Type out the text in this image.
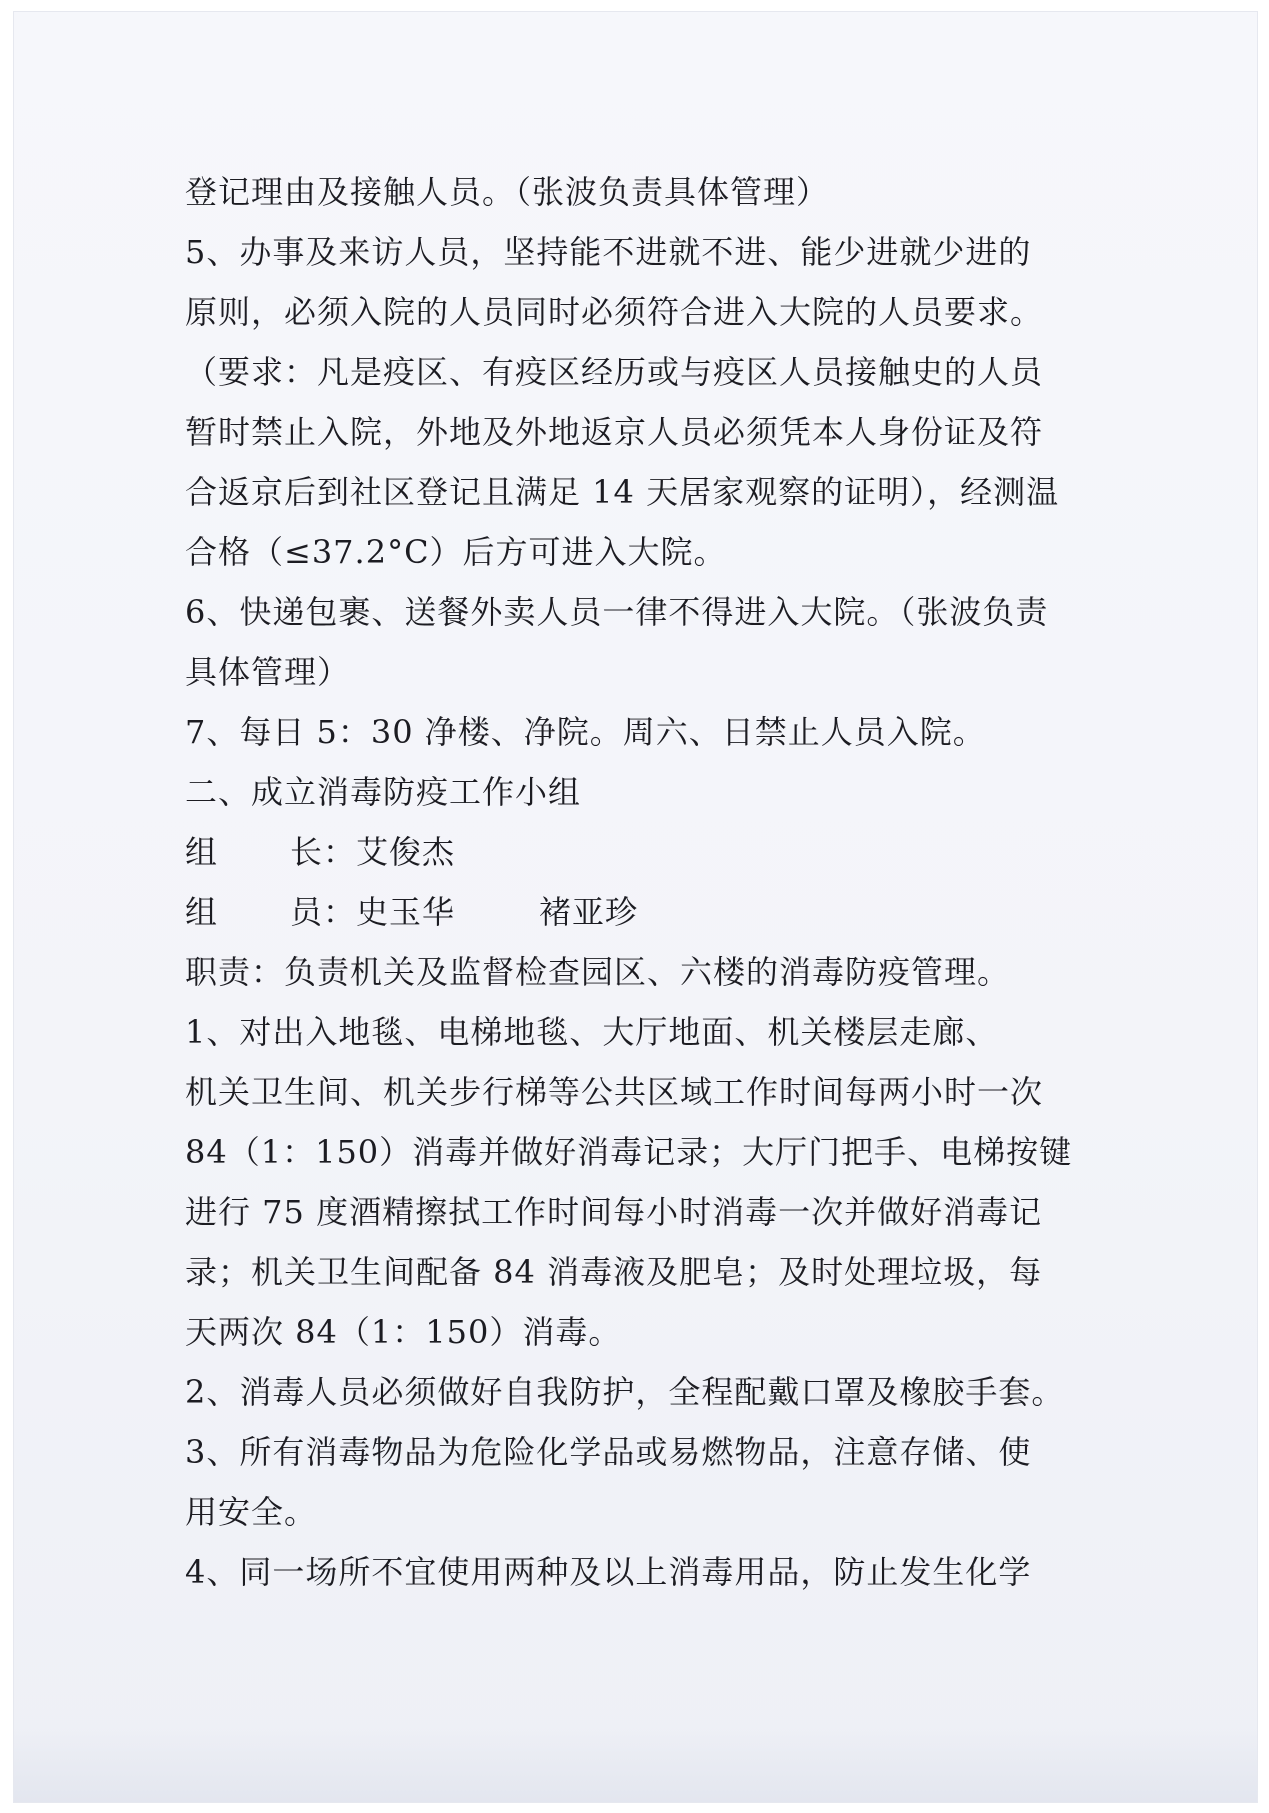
登记理由及接触人员。（张波负责具体管理）
5、办事及来访人员，坚持能不进就不进、能少进就少进的
原则，必须入院的人员同时必须符合进入大院的人员要求。
（要求：凡是疫区、有疫区经历或与疫区人员接触史的人员
暂时禁止入院，外地及外地返京人员必须凭本人身份证及符
合返京后到社区登记且满足 14 天居家观察的证明），经测温
合格（≤37.2°C）后方可进入大院。
6、快递包裹、送餐外卖人员一律不得进入大院。（张波负责
具体管理）
7、每日 5：30 净楼、净院。周六、日禁止人员入院。
二、成立消毒防疫工作小组
组 长：艾俊杰
组 员：史玉华	褚亚珍
职责：负责机关及监督检查园区、六楼的消毒防疫管理。
1、对出入地毯、电梯地毯、大厅地面、机关楼层走廊、
机关卫生间、机关步行梯等公共区域工作时间每两小时一次
84（1：150）消毒并做好消毒记录；大厅门把手、电梯按键
进行 75 度酒精擦拭工作时间每小时消毒一次并做好消毒记
录；机关卫生间配备 84 消毒液及肥皂；及时处理垃圾，每
天两次 84（1：150）消毒。
2、消毒人员必须做好自我防护，全程配戴口罩及橡胶手套。
3、所有消毒物品为危险化学品或易燃物品，注意存储、使
用安全。
4、同一场所不宜使用两种及以上消毒用品，防止发生化学
